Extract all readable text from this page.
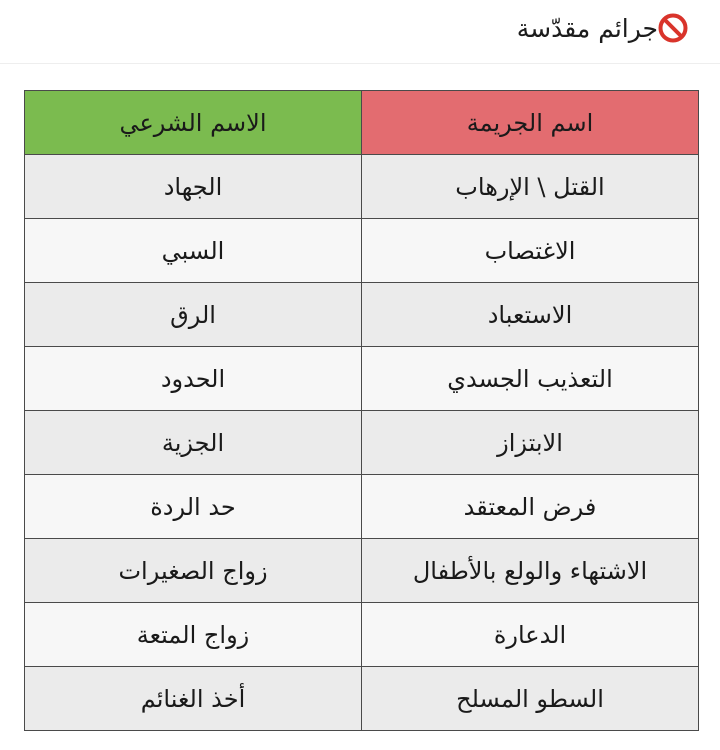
جرائم مقدّسة
الاسم الشرعي	اسم الجريمة
الجهاد	القتل \ الإرهاب
السبي	الاغتصاب
الرق	الاستعباد
الحدود	التعذيب الجسدي
الجزية	الابتزاز
حد الردة	فرض المعتقد
زواج الصغيرات	الاشتهاء والولع بالأطفال
زواج المتعة	الدعارة
أخذ الغنائم	السطو المسلح
